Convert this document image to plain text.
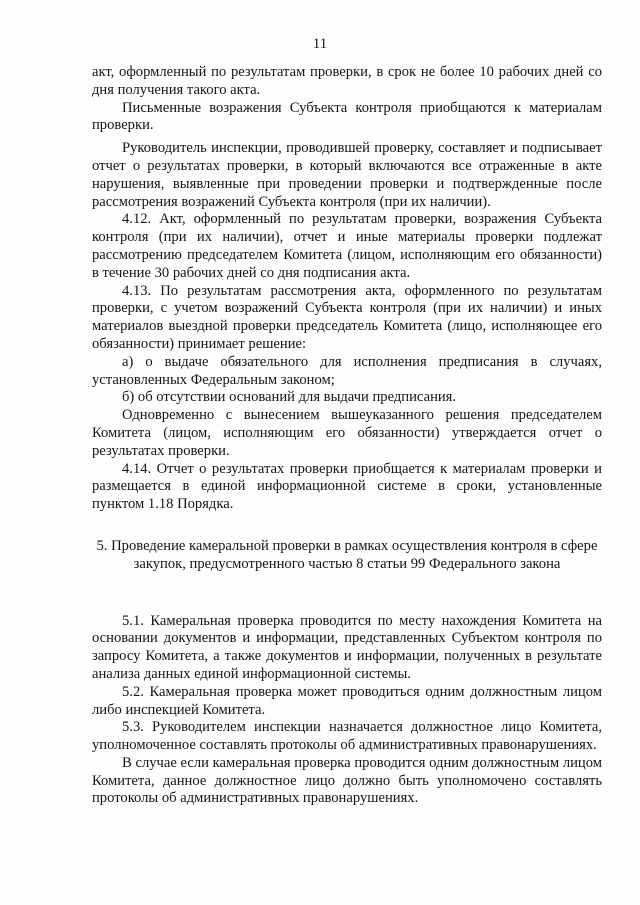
11

акт, оформленный по результатам проверки, в срок не более 10 рабочих дней со дня получения такого акта.

Письменные возражения Субъекта контроля приобщаются к материалам проверки.

Руководитель инспекции, проводившей проверку, составляет и подписывает отчет о результатах проверки, в который включаются все отраженные в акте нарушения, выявленные при проведении проверки и подтвержденные после рассмотрения возражений Субъекта контроля (при их наличии).

4.12. Акт, оформленный по результатам проверки, возражения Субъекта контроля (при их наличии), отчет и иные материалы проверки подлежат рассмотрению председателем Комитета (лицом, исполняющим его обязанности) в течение 30 рабочих дней со дня подписания акта.

4.13. По результатам рассмотрения акта, оформленного по результатам проверки, с учетом возражений Субъекта контроля (при их наличии) и иных материалов выездной проверки председатель Комитета (лицо, исполняющее его обязанности) принимает решение:

а) о выдаче обязательного для исполнения предписания в случаях, установленных Федеральным законом;

б) об отсутствии оснований для выдачи предписания.

Одновременно с вынесением вышеуказанного решения председателем Комитета (лицом, исполняющим его обязанности) утверждается отчет о результатах проверки.

4.14. Отчет о результатах проверки приобщается к материалам проверки и размещается в единой информационной системе в сроки, установленные пунктом 1.18 Порядка.

5. Проведение камеральной проверки в рамках осуществления контроля в сфере закупок, предусмотренного частью 8 статьи 99 Федерального закона

5.1. Камеральная проверка проводится по месту нахождения Комитета на основании документов и информации, представленных Субъектом контроля по запросу Комитета, а также документов и информации, полученных в результате анализа данных единой информационной системы.

5.2. Камеральная проверка может проводиться одним должностным лицом либо инспекцией Комитета.

5.3. Руководителем инспекции назначается должностное лицо Комитета, уполномоченное составлять протоколы об административных правонарушениях.

В случае если камеральная проверка проводится одним должностным лицом Комитета, данное должностное лицо должно быть уполномочено составлять протоколы об административных правонарушениях.
